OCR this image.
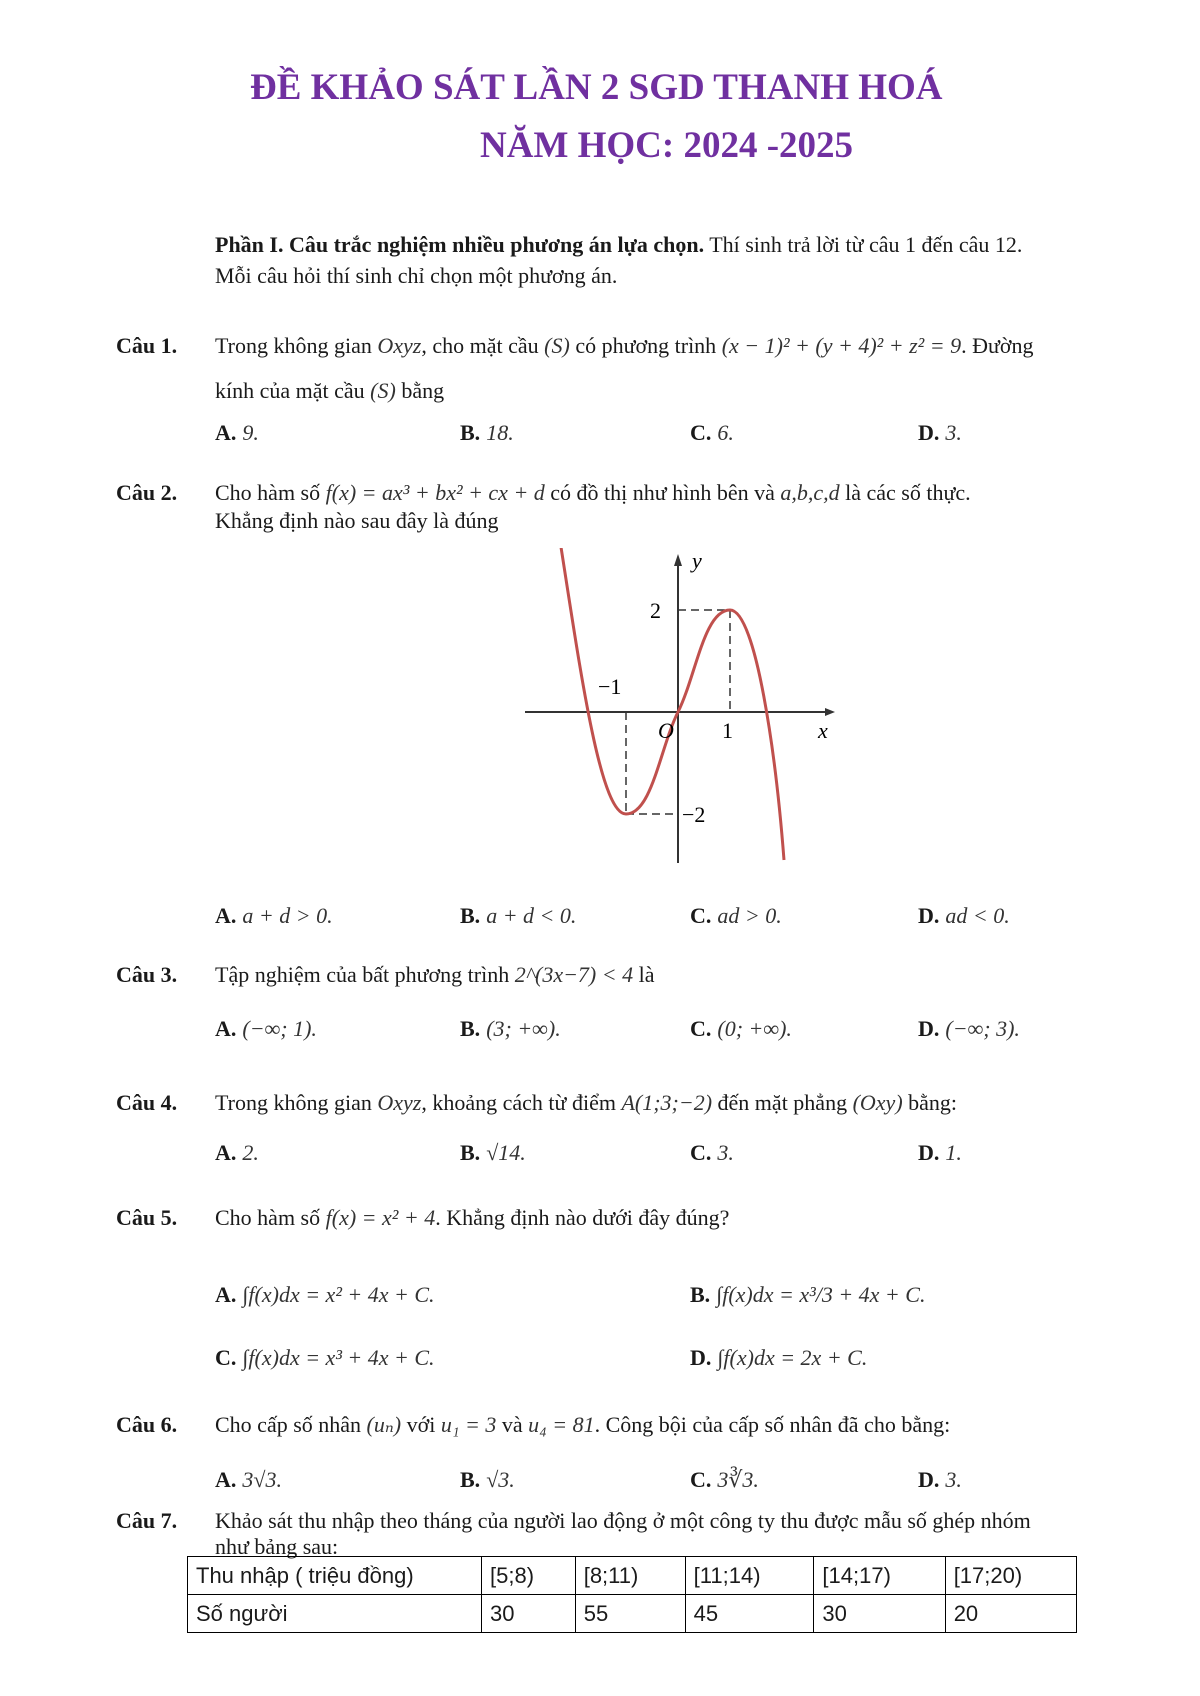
ĐỀ KHẢO SÁT LẦN 2 SGD THANH HOÁ
NĂM HỌC: 2024 -2025
Phần I. Câu trắc nghiệm nhiều phương án lựa chọn. Thí sinh trả lời từ câu 1 đến câu 12.
Mỗi câu hỏi thí sinh chỉ chọn một phương án.
Câu 1. Trong không gian Oxyz, cho mặt cầu (S) có phương trình (x − 1)² + (y + 4)² + z² = 9. Đường
kính của mặt cầu (S) bằng
A. 9.	B. 18.	C. 6.	D. 3.
Câu 2. Cho hàm số f(x) = ax³ + bx² + cx + d có đồ thị như hình bên và a,b,c,d là các số thực.
Khẳng định nào sau đây là đúng
y
x
O 1
−1
2
−2
A. a + d > 0.	B. a + d < 0.	C. ad > 0.	D. ad < 0.
Câu 3. Tập nghiệm của bất phương trình 2^(3x−7) < 4 là
A. (−∞; 1).	B. (3; +∞).	C. (0; +∞).	D. (−∞; 3).
Câu 4. Trong không gian Oxyz, khoảng cách từ điểm A(1;3;−2) đến mặt phẳng (Oxy) bằng:
A. 2.	B. √14.	C. 3.	D. 1.
Câu 5. Cho hàm số f(x) = x² + 4. Khẳng định nào dưới đây đúng?
A. ∫f(x)dx = x² + 4x + C.	B. ∫f(x)dx = x³/3 + 4x + C.
C. ∫f(x)dx = x³ + 4x + C.	D. ∫f(x)dx = 2x + C.
Câu 6. Cho cấp số nhân (uₙ) với u₁ = 3 và u₄ = 81. Công bội của cấp số nhân đã cho bằng:
A. 3√3.	B. √3.	C. 3∛3.	D. 3.
Câu 7. Khảo sát thu nhập theo tháng của người lao động ở một công ty thu được mẫu số ghép nhóm
như bảng sau:
Thu nhập ( triệu đồng)	[5;8)	[8;11)	[11;14)	[14;17)	[17;20)
Số người	30	55	45	30	20
